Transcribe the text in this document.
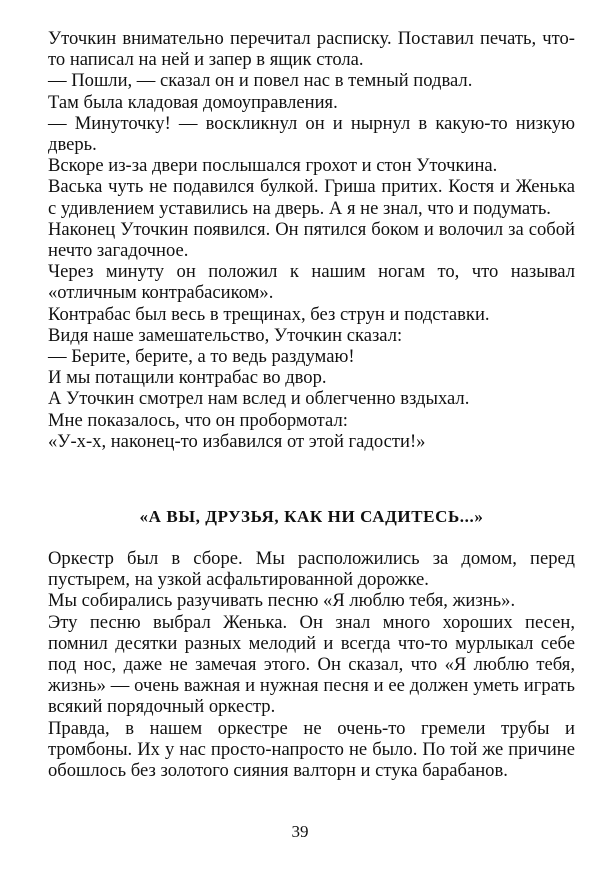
Уточкин внимательно перечитал расписку. Поставил печать, что-то написал на ней и запер в ящик стола.

— Пошли, — сказал он и повел нас в темный подвал.

Там была кладовая домоуправления.

— Минуточку! — воскликнул он и нырнул в какую-то низкую дверь.

Вскоре из-за двери послышался грохот и стон Уточкина.

Васька чуть не подавился булкой. Гриша притих. Костя и Женька с удивлением уставились на дверь. А я не знал, что и подумать.

Наконец Уточкин появился. Он пятился боком и волочил за собой нечто загадочное.

Через минуту он положил к нашим ногам то, что называл «отличным контрабасиком».

Контрабас был весь в трещинах, без струн и подставки.

Видя наше замешательство, Уточкин сказал:

— Берите, берите, а то ведь раздумаю!

И мы потащили контрабас во двор.

А Уточкин смотрел нам вслед и облегченно вздыхал.

Мне показалось, что он пробормотал:

«У-х-х, наконец-то избавился от этой гадости!»

«А ВЫ, ДРУЗЬЯ, КАК НИ САДИТЕСЬ...»

Оркестр был в сборе. Мы расположились за домом, перед пустырем, на узкой асфальтированной дорожке.

Мы собирались разучивать песню «Я люблю тебя, жизнь».

Эту песню выбрал Женька. Он знал много хороших песен, помнил десятки разных мелодий и всегда что-то мурлыкал себе под нос, даже не замечая этого. Он сказал, что «Я люблю тебя, жизнь» — очень важная и нужная песня и ее должен уметь играть всякий порядочный оркестр.

Правда, в нашем оркестре не очень-то гремели трубы и тромбоны. Их у нас просто-напросто не было. По той же причине обошлось без золотого сияния валторн и стука барабанов.

39
